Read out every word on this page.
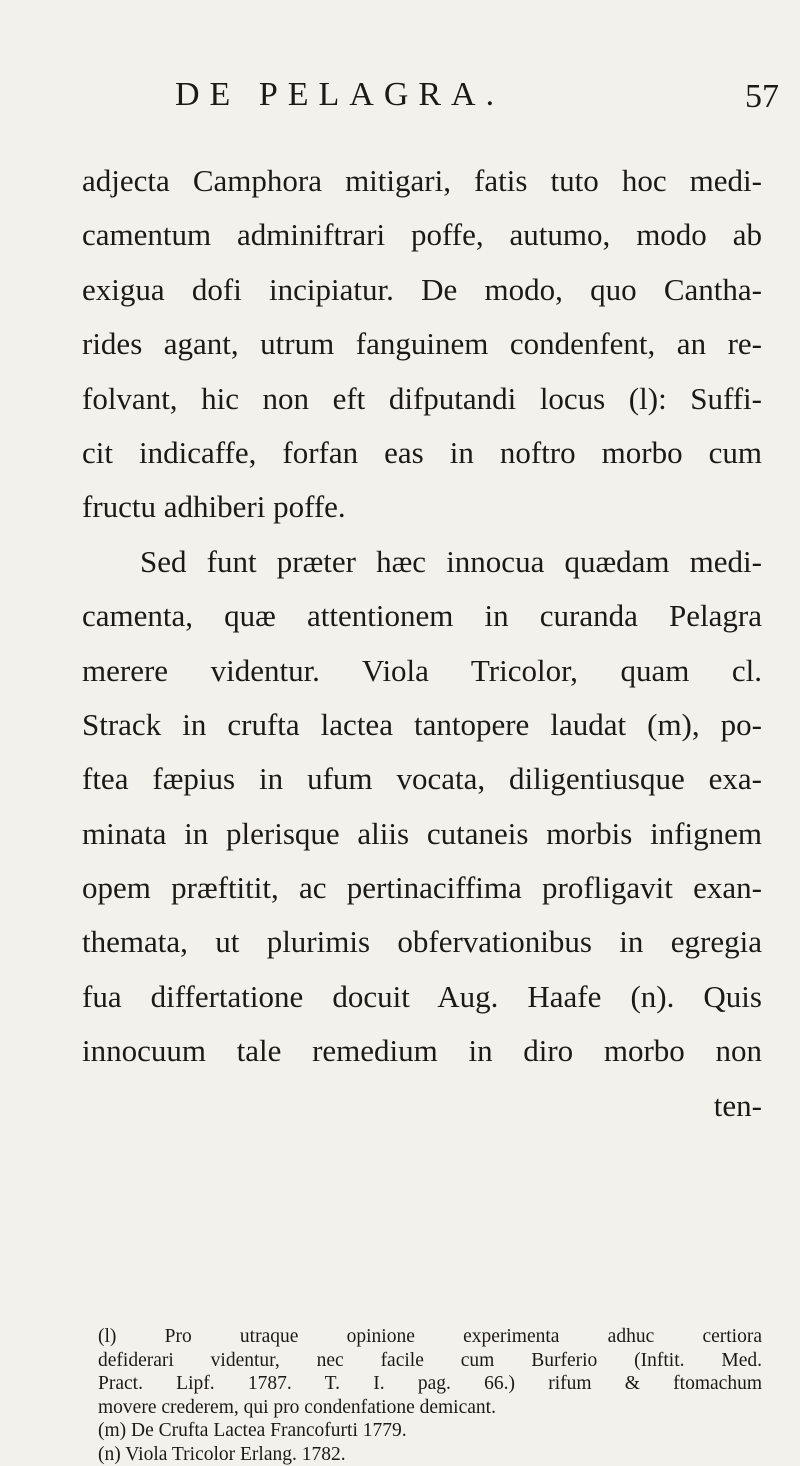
DE PELAGRA.	57
adjecta Camphora mitigari, fatis tuto hoc medi-
camentum adminiftrari poffe, autumo, modo ab
exigua dofi incipiatur. De modo, quo Cantha-
rides agant, utrum fanguinem condenfent, an re-
folvant, hic non eft difputandi locus (l): Suffi-
cit indicaffe, forfan eas in noftro morbo cum
fructu adhiberi poffe.
Sed funt præter hæc innocua quædam medi-
camenta, quæ attentionem in curanda Pelagra
merere videntur. Viola Tricolor, quam cl.
Strack in crufta lactea tantopere laudat (m), po-
ftea fæpius in ufum vocata, diligentiusque exa-
minata in plerisque aliis cutaneis morbis infignem
opem præftitit, ac pertinaciffima profligavit exan-
themata, ut plurimis obfervationibus in egregia
fua differtatione docuit Aug. Haafe (n). Quis
innocuum tale remedium in diro morbo non
ten-
(l) Pro utraque opinione experimenta adhuc certiora
defiderari videntur, nec facile cum Burferio (Inftit. Med.
Pract. Lipf. 1787. T. I. pag. 66.) rifum & ftomachum
movere crederem, qui pro condenfatione demicant.
(m) De Crufta Lactea Francofurti 1779.
(n) Viola Tricolor Erlang. 1782.
